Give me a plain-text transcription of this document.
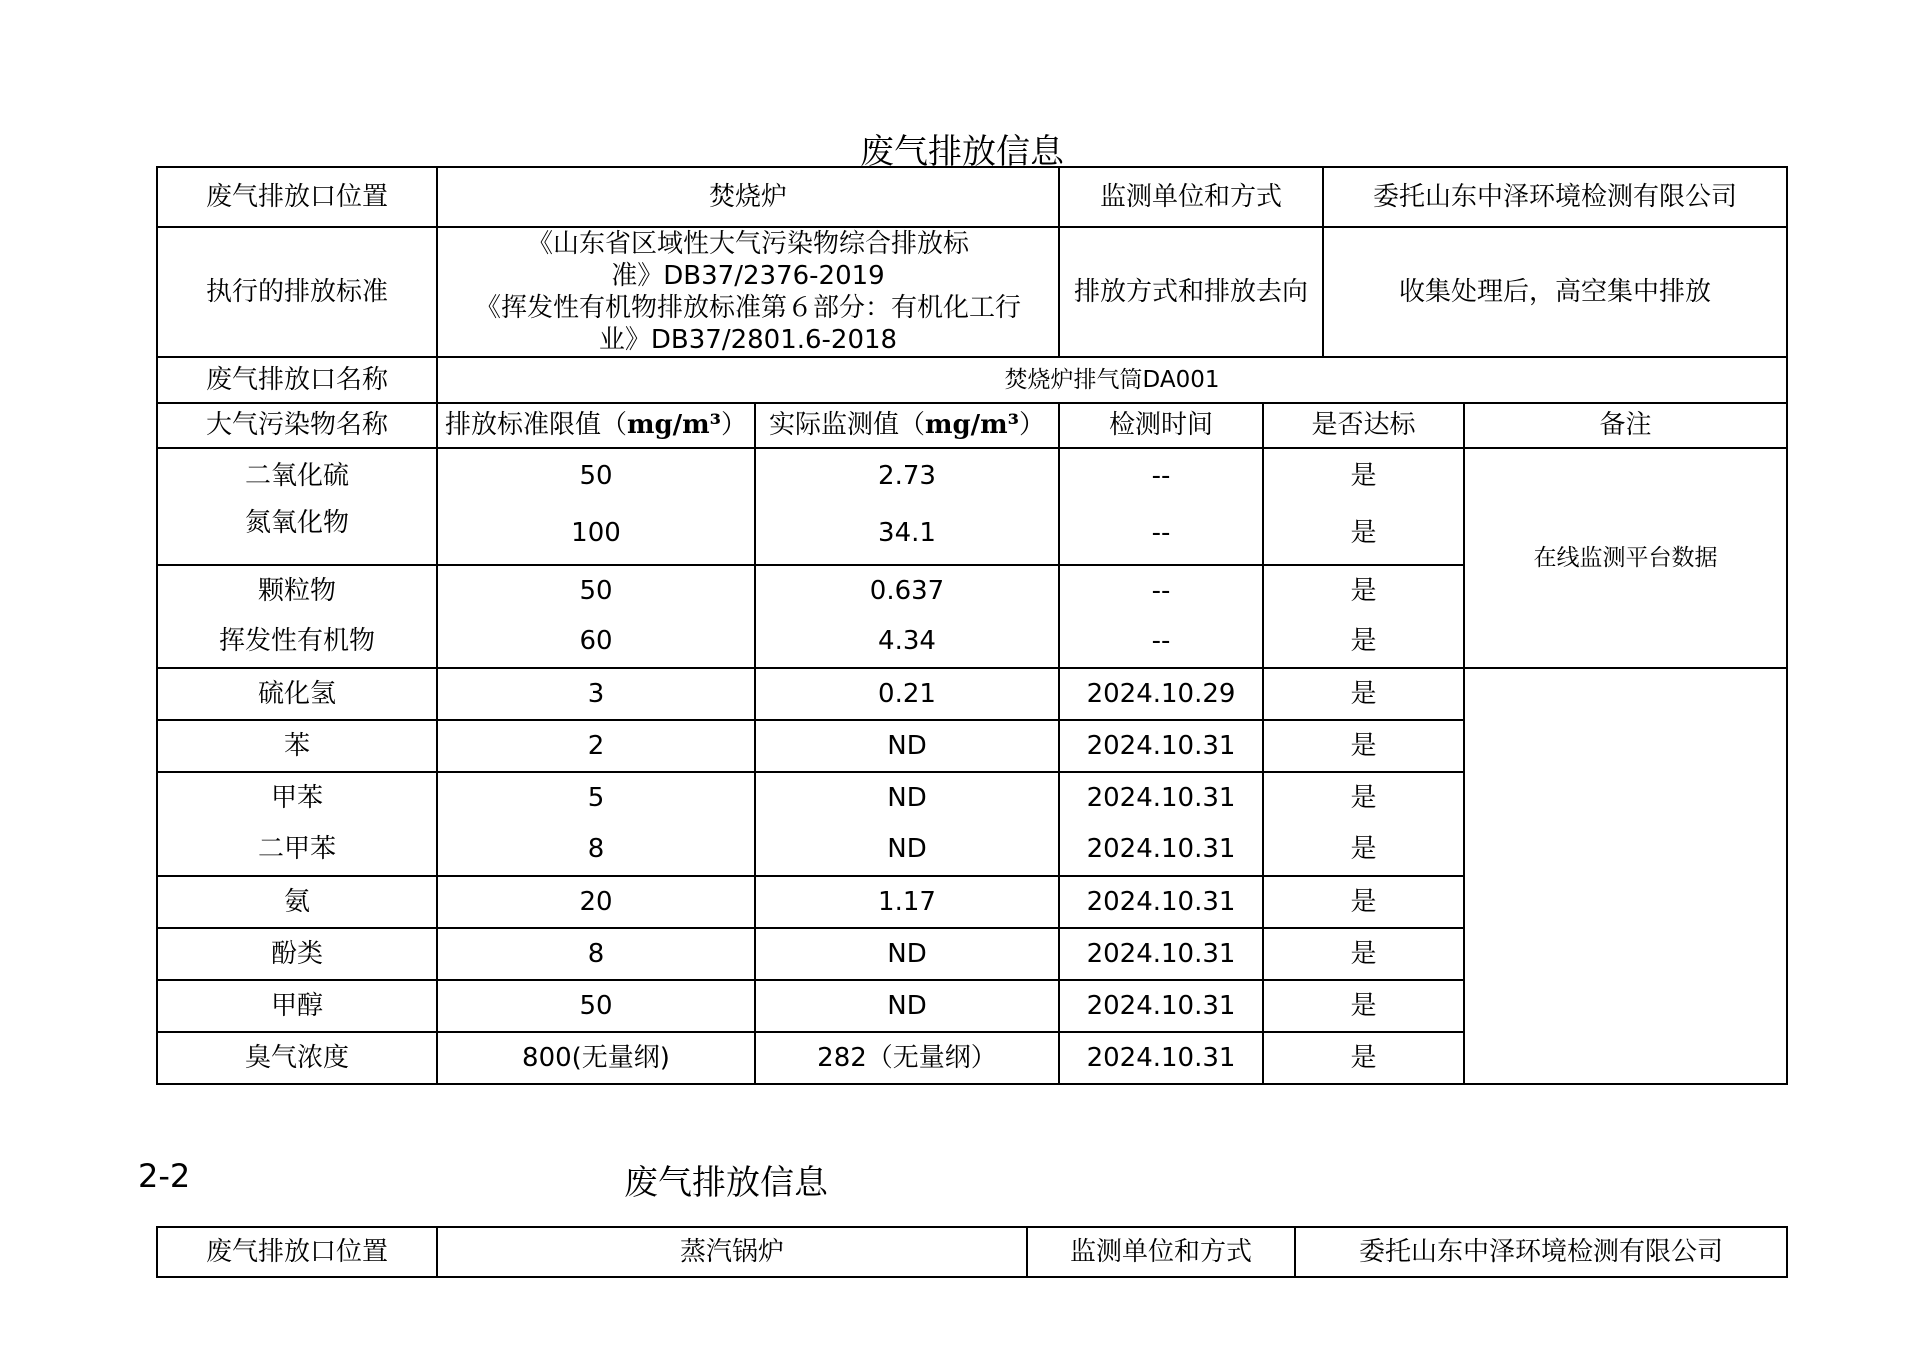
废气排放信息
废气排放口位置	焚烧炉		监测单位和方式		委托山东中泽环境检测有限公司	
执行的排放标准	《山东省区域性大气污染物综合排放标
准》DB37/2376-2019
《挥发性有机物排放标准第６部分：有机化工行
业》DB37/2801.6-2018		排放方式和排放去向		收集处理后，高空集中排放	
废气排放口名称	焚烧炉排气筒DA001					
大气污染物名称	排放标准限值（mg/m³）	实际监测值（mg/m³）	检测时间	是否达标		备注
二氧化硫	50	2.73	--	是		在线监测平台数据
氮氧化物	100	34.1	--	是		
颗粒物	50	0.637	--	是		
挥发性有机物	60	4.34	--	是		
硫化氢	3	0.21	2024.10.29	是		
苯	2	ND	2024.10.31	是		
甲苯	5	ND	2024.10.31	是		
二甲苯	8	ND	2024.10.31	是		
氨	20	1.17	2024.10.31	是		
酚类	8	ND	2024.10.31	是		
甲醇	50	ND	2024.10.31	是		
臭气浓度	800(无量纲)	282（无量纲）	2024.10.31	是		
2-2	废气排放信息
废气排放口位置	蒸汽锅炉	监测单位和方式	委托山东中泽环境检测有限公司
